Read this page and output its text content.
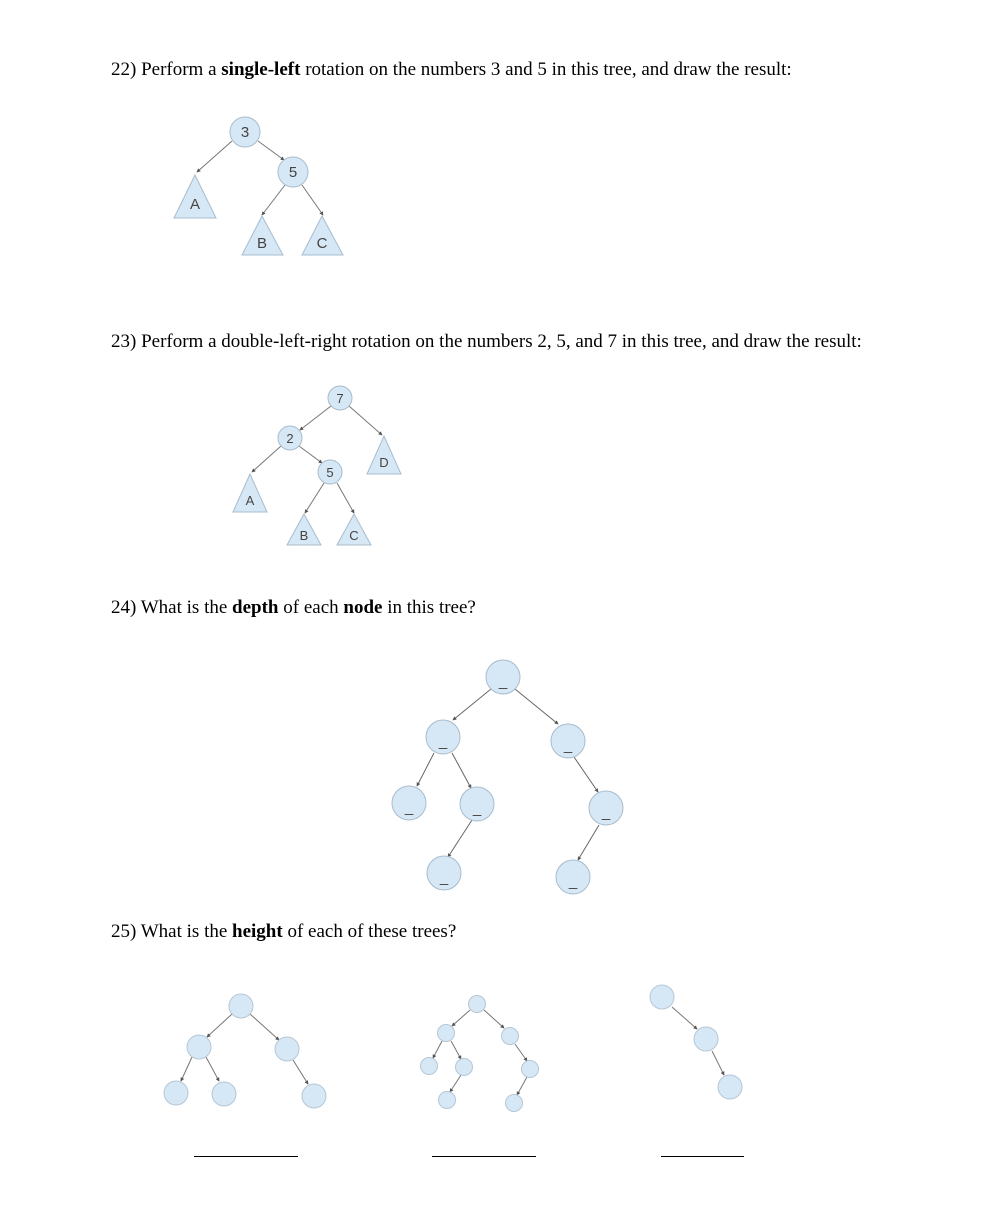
22) Perform a single-left rotation on the numbers 3 and 5 in this tree, and draw the result:
23) Perform a double-left-right rotation on the numbers 2, 5, and 7 in this tree, and draw the result:
24) What is the depth of each node in this tree?
25) What is the height of each of these trees?
3
5
A
B	C
7
2
5
D
A
B	C
_
_	_
_	_	_
_	_
